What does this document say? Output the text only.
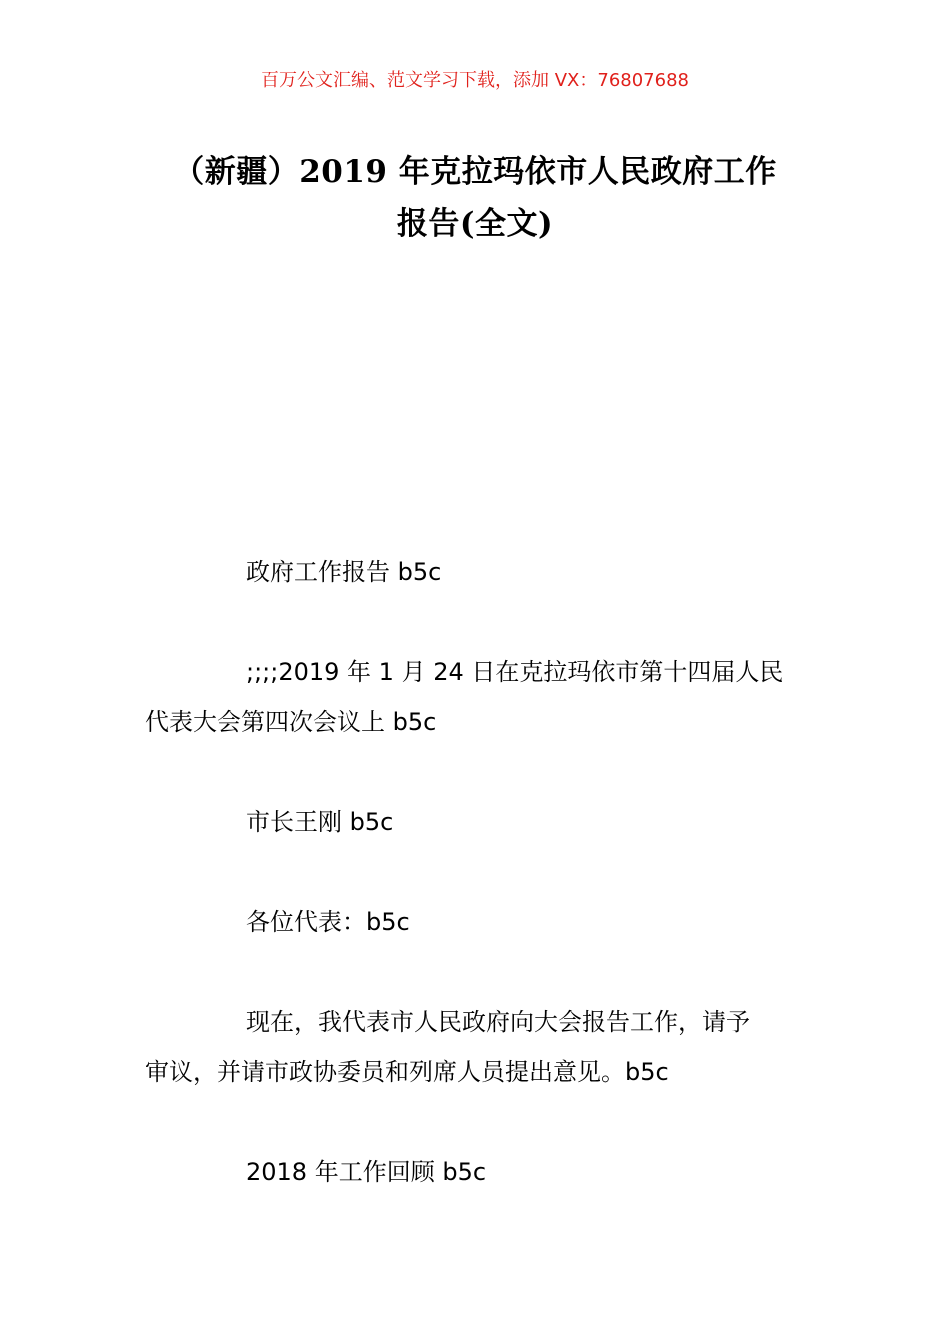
百万公文汇编、范文学习下载，添加 VX：76807688
（新疆）2019 年克拉玛依市人民政府工作
报告(全文)
政府工作报告 b5c
;;;;2019 年 1 月 24 日在克拉玛依市第十四届人民
代表大会第四次会议上 b5c
市长王刚 b5c
各位代表：b5c
现在，我代表市人民政府向大会报告工作，请予
审议，并请市政协委员和列席人员提出意见。b5c
2018 年工作回顾 b5c
